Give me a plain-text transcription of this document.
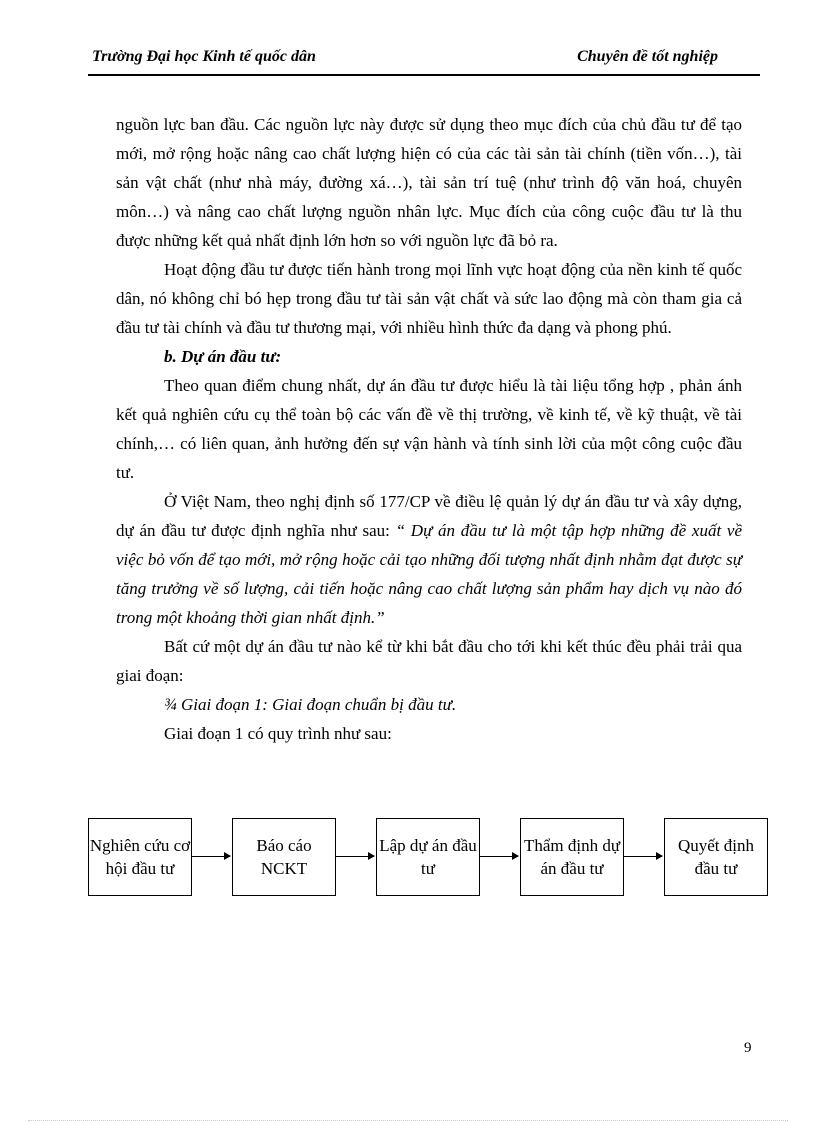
Trường Đại học Kinh tế quốc dân	Chuyên đề tốt nghiệp

nguồn lực ban đầu. Các nguồn lực này được sử dụng theo mục đích của chủ đầu tư để tạo mới, mở rộng hoặc nâng cao chất lượng hiện có của các tài sản tài chính (tiền vốn…), tài sản vật chất (như nhà máy, đường xá…), tài sản trí tuệ (như trình độ văn hoá, chuyên môn…) và nâng cao chất lượng nguồn nhân lực. Mục đích của công cuộc đầu tư là thu được những kết quả nhất định lớn hơn so với nguồn lực đã bỏ ra.

Hoạt động đầu tư được tiến hành trong mọi lĩnh vực hoạt động của nền kinh tế quốc dân, nó không chỉ bó hẹp trong đầu tư tài sản vật chất và sức lao động mà còn tham gia cả đầu tư tài chính và đầu tư thương mại, với nhiều hình thức đa dạng và phong phú.

b. Dự án đầu tư:

Theo quan điểm chung nhất, dự án đầu tư được hiểu là tài liệu tổng hợp , phản ánh kết quả nghiên cứu cụ thể toàn bộ các vấn đề về thị trường, về kinh tế, về kỹ thuật, về tài chính,… có liên quan, ảnh hưởng đến sự vận hành và tính sinh lời của một công cuộc đầu tư.

Ở Việt Nam, theo nghị định số 177/CP về điều lệ quản lý dự án đầu tư và xây dựng, dự án đầu tư được định nghĩa như sau: “ Dự án đầu tư là một tập hợp những đề xuất về việc bỏ vốn để tạo mới, mở rộng hoặc cải tạo những đối tượng nhất định nhằm đạt được sự tăng trưởng về số lượng, cải tiến hoặc nâng cao chất lượng sản phẩm hay dịch vụ nào đó trong một khoảng thời gian nhất định.”

Bất cứ một dự án đầu tư nào kể từ khi bắt đầu cho tới khi kết thúc đều phải trải qua giai đoạn:

¾ Giai đoạn 1: Giai đoạn chuẩn bị đầu tư.

Giai đoạn 1 có quy trình như sau:

Nghiên cứu cơ hội đầu tư
Báo cáo NCKT
Lập dự án đầu tư
Thẩm định dự án đầu tư
Quyết định đầu tư
9
